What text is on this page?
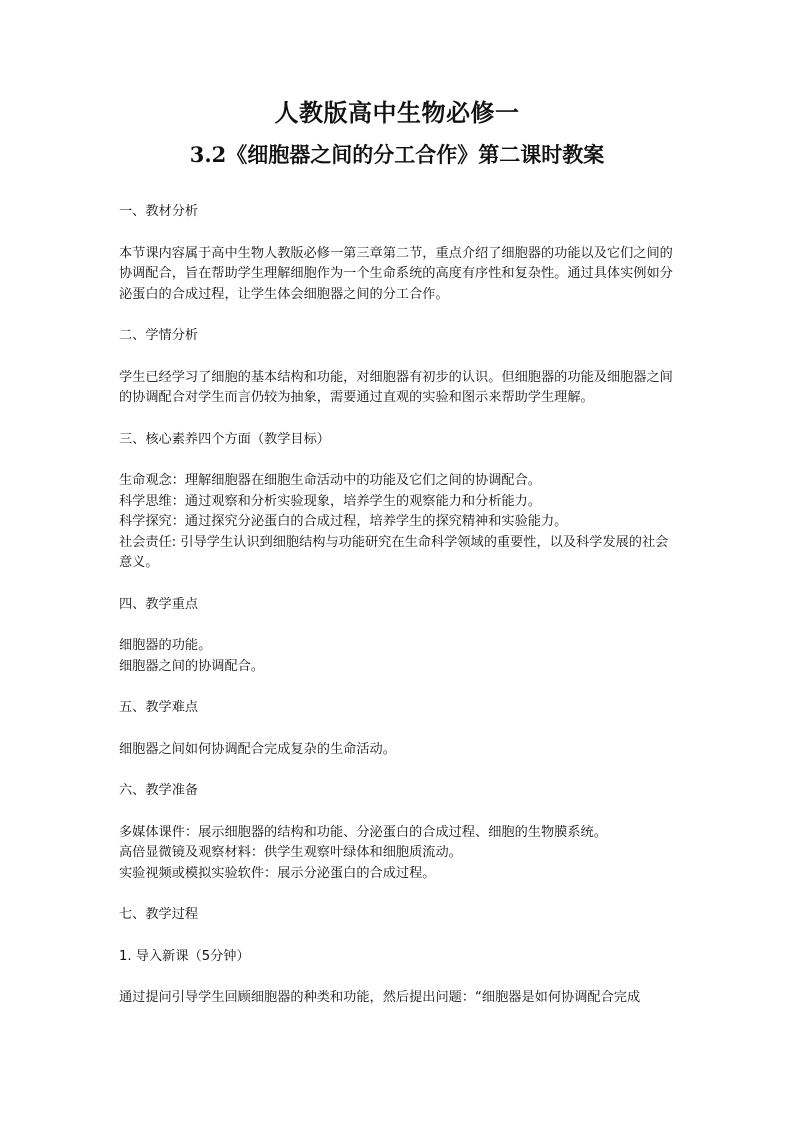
人教版高中生物必修一
3.2《细胞器之间的分工合作》第二课时教案

一、教材分析

本节课内容属于高中生物人教版必修一第三章第二节，重点介绍了细胞器的功能以及它们之间的协调配合，旨在帮助学生理解细胞作为一个生命系统的高度有序性和复杂性。通过具体实例如分泌蛋白的合成过程，让学生体会细胞器之间的分工合作。

二、学情分析

学生已经学习了细胞的基本结构和功能，对细胞器有初步的认识。但细胞器的功能及细胞器之间的协调配合对学生而言仍较为抽象，需要通过直观的实验和图示来帮助学生理解。

三、核心素养四个方面（教学目标）

生命观念：理解细胞器在细胞生命活动中的功能及它们之间的协调配合。

科学思维：通过观察和分析实验现象，培养学生的观察能力和分析能力。

科学探究：通过探究分泌蛋白的合成过程，培养学生的探究精神和实验能力。

社会责任: 引导学生认识到细胞结构与功能研究在生命科学领域的重要性，以及科学发展的社会意义。

四、教学重点

细胞器的功能。

细胞器之间的协调配合。

五、教学难点

细胞器之间如何协调配合完成复杂的生命活动。

六、教学准备

多媒体课件：展示细胞器的结构和功能、分泌蛋白的合成过程、细胞的生物膜系统。

高倍显微镜及观察材料：供学生观察叶绿体和细胞质流动。

实验视频或模拟实验软件：展示分泌蛋白的合成过程。

七、教学过程

1. 导入新课（5分钟）

通过提问引导学生回顾细胞器的种类和功能，然后提出问题：“细胞器是如何协调配合完成
